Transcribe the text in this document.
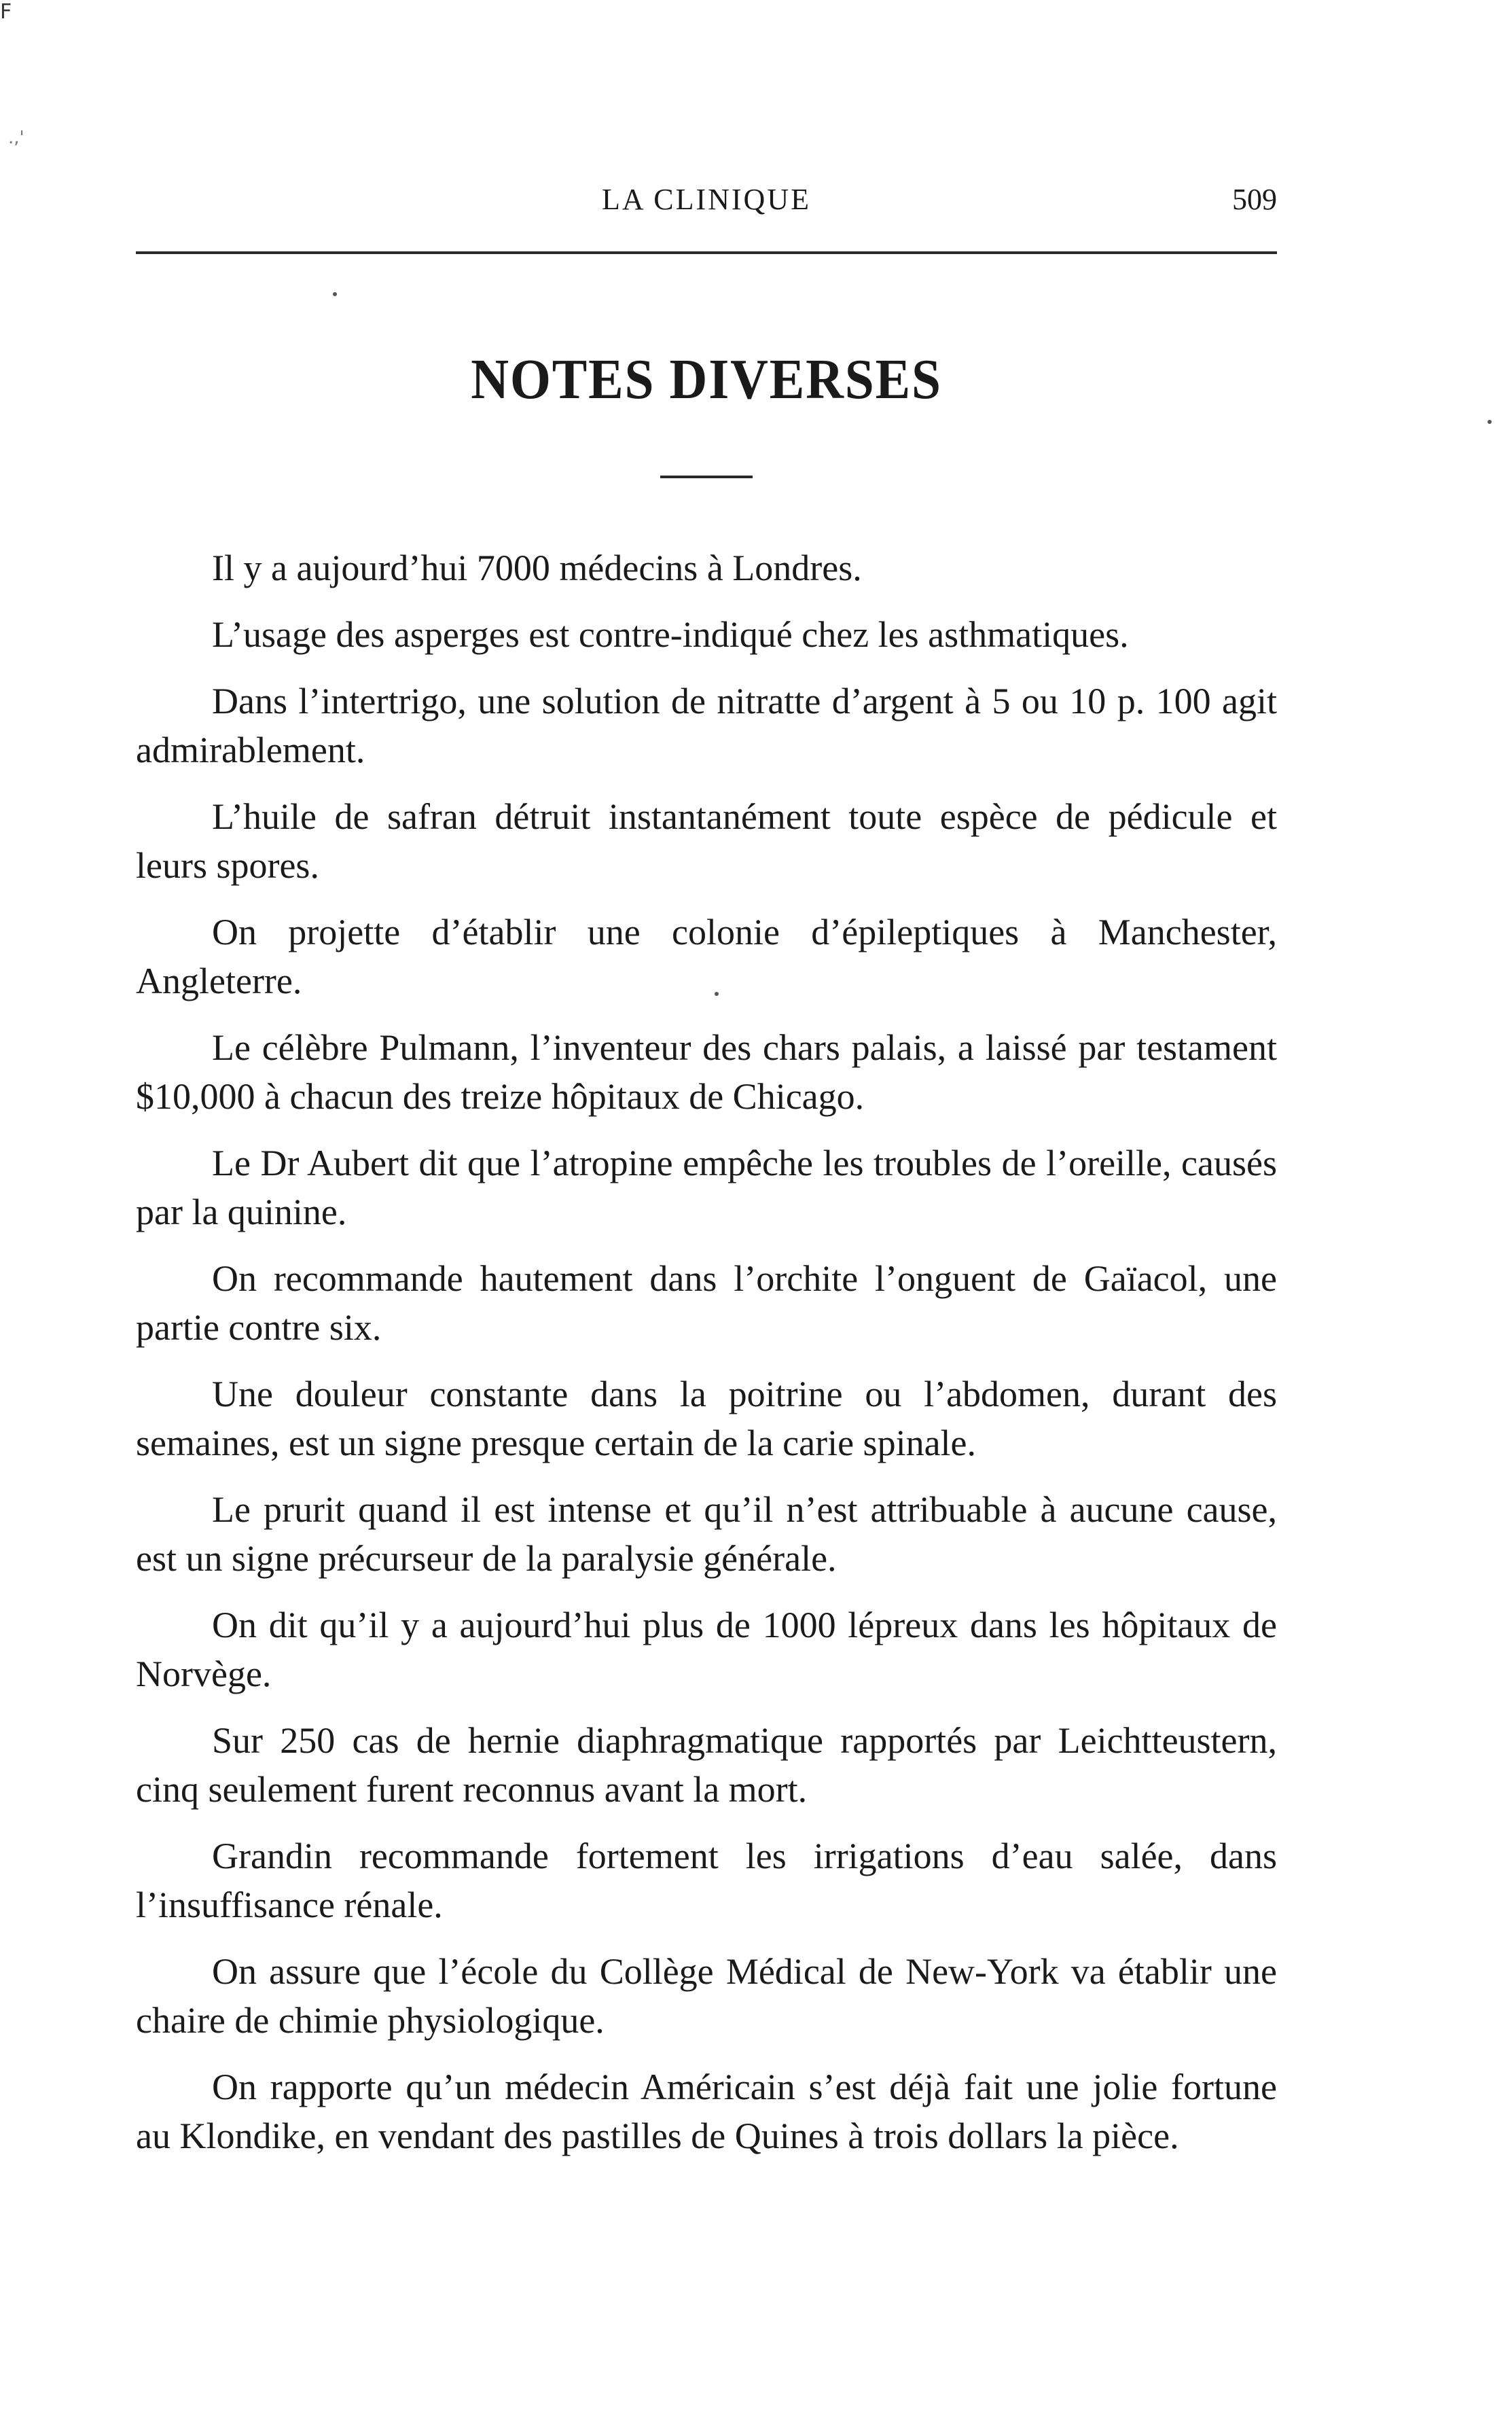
F
.,'
LA CLINIQUE	509
NOTES DIVERSES
Il y a aujourd’hui 7000 médecins à Londres.
L’usage des asperges est contre-indiqué chez les asthmatiques.
Dans l’intertrigo, une solution de nitratte d’argent à 5 ou 10 p. 100 agit admirablement.
L’huile de safran détruit instantanément toute espèce de pédicule et leurs spores.
On projette d’établir une colonie d’épileptiques à Manchester, Angleterre.
Le célèbre Pulmann, l’inventeur des chars palais, a laissé par testament $10,000 à chacun des treize hôpitaux de Chicago.
Le Dr Aubert dit que l’atropine empêche les troubles de l’oreille, causés par la quinine.
On recommande hautement dans l’orchite l’onguent de Gaïacol, une partie contre six.
Une douleur constante dans la poitrine ou l’abdomen, durant des semaines, est un signe presque certain de la carie spinale.
Le prurit quand il est intense et qu’il n’est attribuable à aucune cause, est un signe précurseur de la paralysie générale.
On dit qu’il y a aujourd’hui plus de 1000 lépreux dans les hôpitaux de Norvège.
Sur 250 cas de hernie diaphragmatique rapportés par Leichtteustern, cinq seulement furent reconnus avant la mort.
Grandin recommande fortement les irrigations d’eau salée, dans l’insuffisance rénale.
On assure que l’école du Collège Médical de New-York va établir une chaire de chimie physiologique.
On rapporte qu’un médecin Américain s’est déjà fait une jolie fortune au Klondike, en vendant des pastilles de Quines à trois dollars la pièce.
